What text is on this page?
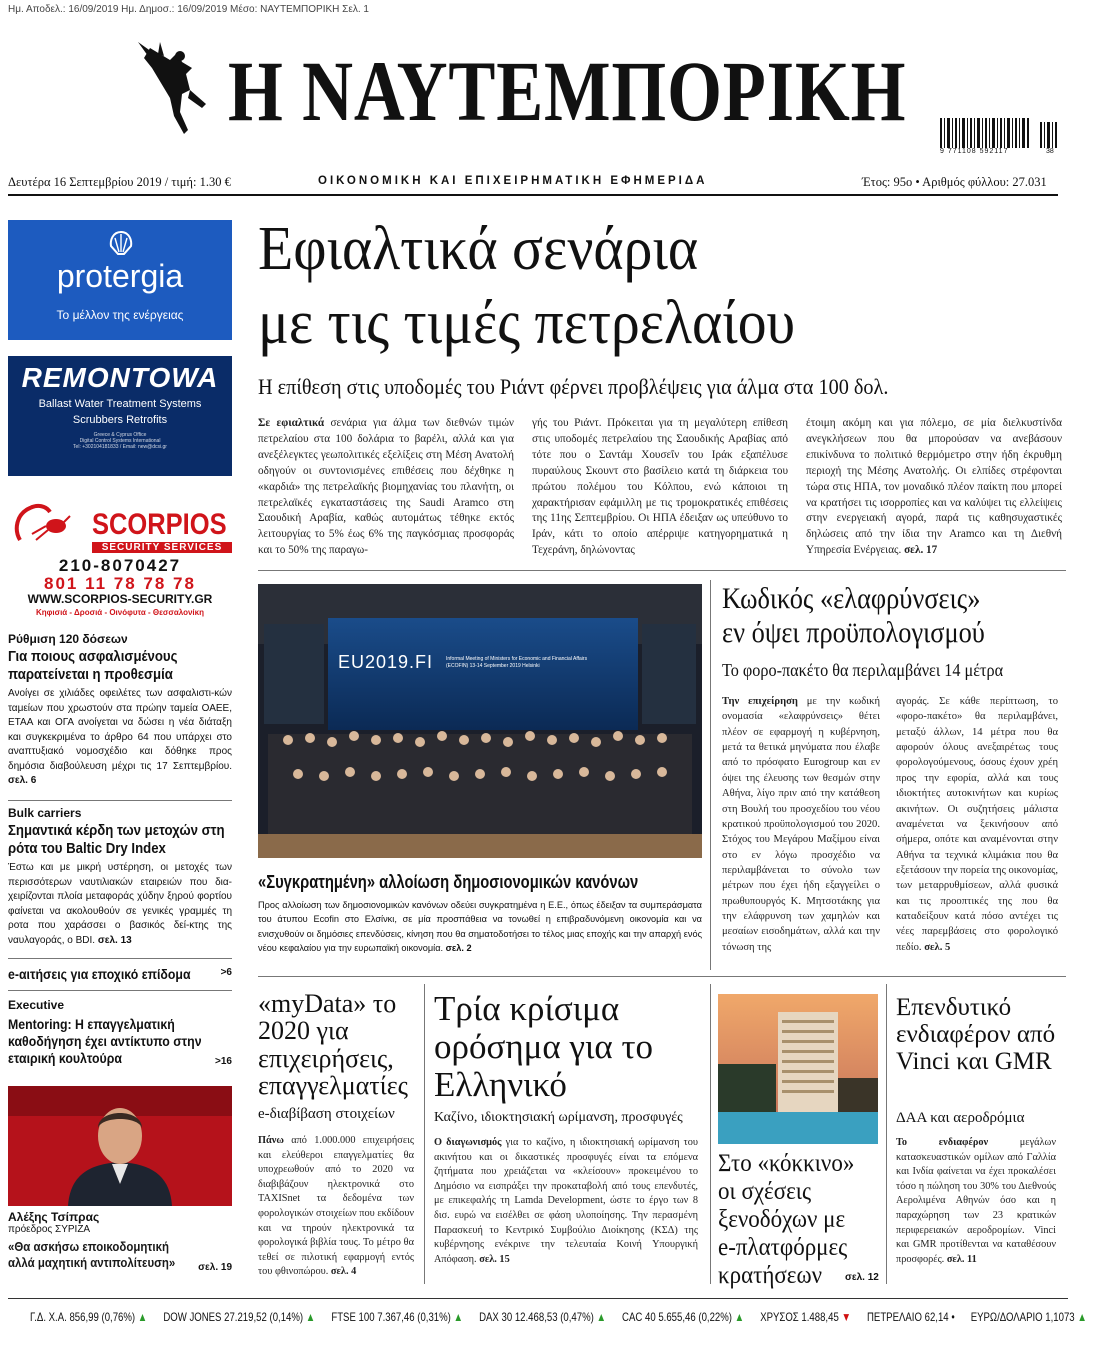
Ημ. Αποδελ.: 16/09/2019 Ημ. Δημοσ.: 16/09/2019 Μέσο: ΝΑΥΤΕΜΠΟΡΙΚΗ Σελ. 1
Η ΝΑΥΤΕΜΠΟΡΙΚΗ
9 771108 592117	38
Δευτέρα 16 Σεπτεμβρίου 2019 / τιμή: 1.30 €	ΟΙΚΟΝΟΜΙΚΗ ΚΑΙ ΕΠΙΧΕΙΡΗΜΑΤΙΚΗ ΕΦΗΜΕΡΙΔΑ	Έτος: 95ο • Αριθμός φύλλου: 27.031
protergia
Το μέλλον της ενέργειας
REMONTOWA
Ballast Water Treatment Systems
Scrubbers Retrofits
Greece & Cyprus Office
Digital Control Systems International
Tel: +302104181833 / Email: new@dcsi.gr
SCORPIOS
SECURITY SERVICES
210-8070427
801 11 78 78 78
WWW.SCORPIOS-SECURITY.GR
Κηφισιά - Δροσιά - Οινόφυτα - Θεσσαλονίκη
Ρύθμιση 120 δόσεων
Για ποιους ασφαλισμένους παρατείνεται η προθεσμία
Ανοίγει σε χιλιάδες οφειλέτες των ασφαλιστι-κών ταμείων που χρωστούν στα πρώην ταμεία ΟΑΕΕ, ΕΤΑΑ και ΟΓΑ ανοίγεται να δώσει η νέα διάταξη και συγκεκριμένα το άρθρο 64 που υπάρχει στο αναπτυξιακό νομοσχέδιο και δόθηκε προς δημόσια διαβούλευση μέχρι τις 17 Σεπτεμβρίου. σελ. 6
Bulk carriers
Σημαντικά κέρδη των μετοχών στη ρότα του Baltic Dry Index
Έστω και με μικρή υστέρηση, οι μετοχές των περισσότερων ναυτιλιακών εταιρειών που δια-χειρίζονται πλοία μεταφοράς χύδην ξηρού φορτίου φαίνεται να ακολουθούν σε γενικές γραμμές τη ροτα που χαράσσει ο βασικός δεί-κτης της ναυλαγοράς, ο BDI. σελ. 13
e-αιτήσεις για εποχικό επίδομα	>6
Executive
Mentoring: Η επαγγελματική καθοδήγηση έχει αντίκτυπο στην εταιρική κουλτούρα	>16
Αλέξης Τσίπρας
πρόεδρος ΣΥΡΙΖΑ
«Θα ασκήσω εποικοδομητική αλλά μαχητική αντιπολίτευση»	σελ. 19
Εφιαλτικά σενάρια
με τις τιμές πετρελαίου
Η επίθεση στις υποδομές του Ριάντ φέρνει προβλέψεις για άλμα στα 100 δολ.
Σε εφιαλτικά σενάρια για άλμα των διεθνών τιμών πετρελαίου στα 100 δολάρια το βαρέλι, αλλά και για ανεξέλεγκτες γεωπολιτικές εξελίξεις στη Μέση Ανατολή οδηγούν οι συντονισμένες επιθέσεις που δέχθηκε η «καρδιά» της πετρελαϊκής βιομηχανίας του πλανήτη, οι πετρελαϊκές εγκαταστάσεις της Saudi Aramco στη Σαουδική Αραβία, καθώς αυτομάτως τέθηκε εκτός λειτουργίας το 5% έως 6% της παγκόσμιας προσφοράς και το 50% της παραγω-
γής του Ριάντ. Πρόκειται για τη μεγαλύτερη επίθεση στις υποδομές πετρελαίου της Σαουδικής Αραβίας από τότε που ο Σαντάμ Χουσεΐν του Ιράκ εξαπέλυσε πυραύλους Σκουντ στο βασίλειο κατά τη διάρκεια του πρώτου πολέμου του Κόλπου, ενώ κάποιοι τη χαρακτήρισαν εφάμιλλη με τις τρομοκρατικές επιθέσεις της 11ης Σεπτεμβρίου. Οι ΗΠΑ έδειξαν ως υπεύθυνο το Ιράν, κάτι το οποίο απέρριψε κατηγορηματικά η Τεχεράνη, δηλώνοντας
έτοιμη ακόμη και για πόλεμο, σε μία διελκυστίνδα ανεγκλήσεων που θα μπορούσαν να ανεβάσουν επικίνδυνα το πολιτικό θερμόμετρο στην ήδη έκρυθμη περιοχή της Μέσης Ανατολής. Οι ελπίδες στρέφονται τώρα στις ΗΠΑ, τον μοναδικό πλέον παίκτη που μπορεί να κρατήσει τις ισορροπίες και να καλύψει τις ελλείψεις στην ενεργειακή αγορά, παρά τις καθησυχαστικές δηλώσεις από την ίδια την Aramco και τη Διεθνή Υπηρεσία Ενέργειας. σελ. 17
EU2019.FI	Informal Meeting of Ministers for Economic and Financial Affairs (ECOFIN) 13-14 September 2019 Helsinki
«Συγκρατημένη» αλλοίωση δημοσιονομικών κανόνων
Προς αλλοίωση των δημοσιονομικών κανόνων οδεύει συγκρατημένα η Ε.Ε., όπως έδειξαν τα συμπεράσματα του άτυπου Ecofin στο Ελσίνκι, σε μία προσπάθεια να τονωθεί η επιβραδυνόμενη οικονομία και να ενισχυθούν οι δημόσιες επενδύσεις, κίνηση που θα σηματοδοτήσει το τέλος μιας εποχής και την απαρχή ενός νέου κεφαλαίου για την ευρωπαϊκή οικονομία. σελ. 2
Κωδικός «ελαφρύνσεις»
εν όψει προϋπολογισμού
Το φορο-πακέτο θα περιλαμβάνει 14 μέτρα
Την επιχείρηση με την κωδική ονομασία «ελαφρύνσεις» θέτει πλέον σε εφαρμογή η κυβέρνηση, μετά τα θετικά μηνύματα που έλαβε από το πρόσφατο Eurogroup και εν όψει της έλευσης των θεσμών στην Αθήνα, λίγο πριν από την κατάθεση στη Βουλή του προσχεδίου του νέου κρατικού προϋπολογισμού του 2020. Στόχος του Μεγάρου Μαξίμου είναι στο εν λόγω προσχέδιο να περιλαμβάνεται το σύνολο των μέτρων που έχει ήδη εξαγγείλει ο πρωθυπουργός Κ. Μητσοτάκης για την ελάφρυνση των χαμηλών και μεσαίων εισοδημάτων, αλλά και την τόνωση της
αγοράς. Σε κάθε περίπτωση, το «φορο-πακέτο» θα περιλαμβάνει, μεταξύ άλλων, 14 μέτρα που θα αφορούν όλους ανεξαιρέτως τους φορολογούμενους, όσους έχουν χρέη προς την εφορία, αλλά και τους ιδιοκτήτες αυτοκινήτων και κυρίως ακινήτων. Οι συζητήσεις μάλιστα αναμένεται να ξεκινήσουν από σήμερα, οπότε και αναμένονται στην Αθήνα τα τεχνικά κλιμάκια που θα εξετάσουν την πορεία της οικονομίας, των μεταρρυθμίσεων, αλλά φυσικά και τις προοπτικές της που θα καταδείξουν κατά πόσο αντέχει τις νέες παρεμβάσεις στο φορολογικό πεδίο. σελ. 5
«myData» το 2020 για επιχειρήσεις, επαγγελματίες
e-διαβίβαση στοιχείων
Πάνω από 1.000.000 επιχειρήσεις και ελεύθεροι επαγγελματίες θα υποχρεωθούν από το 2020 να διαβιβάζουν ηλεκτρονικά στο TAXISnet τα δεδομένα των φορολογικών στοιχείων που εκδίδουν και να τηρούν ηλεκτρονικά τα φορολογικά βιβλία τους. Το μέτρο θα τεθεί σε πιλοτική εφαρμογή εντός του φθινοπώρου. σελ. 4
Τρία κρίσιμα ορόσημα για το Ελληνικό
Καζίνο, ιδιοκτησιακή ωρίμανση, προσφυγές
Ο διαγωνισμός για το καζίνο, η ιδιοκτησιακή ωρίμανση του ακινήτου και οι δικαστικές προσφυγές είναι τα επόμενα ζητήματα που χρειάζεται να «κλείσουν» προκειμένου το Δημόσιο να εισπράξει την προκαταβολή από τους επενδυτές, με επικεφαλής τη Lamda Development, ώστε το έργο των 8 δισ. ευρώ να εισέλθει σε φάση υλοποίησης. Την περασμένη Παρασκευή το Κεντρικό Συμβούλιο Διοίκησης (ΚΣΔ) της κυβέρνησης ενέκρινε την τελευταία Κοινή Υπουργική Απόφαση. σελ. 15
Στο «κόκκινο» οι σχέσεις ξενοδόχων με e-πλατφόρμες κρατήσεων	σελ. 12
Επενδυτικό ενδιαφέρον από Vinci και GMR
ΔΑΑ και αεροδρόμια
Το ενδιαφέρον μεγάλων κατασκευαστικών ομίλων από Γαλλία και Ινδία φαίνεται να έχει προκαλέσει τόσο η πώληση του 30% του Διεθνούς Αερολιμένα Αθηνών όσο και η παραχώρηση των 23 κρατικών περιφερειακών αεροδρομίων. Vinci και GMR προτίθενται να καταθέσουν προσφορές. σελ. 11
Γ.Δ. Χ.Α. 856,99 (0,76%) ▲ DOW JONES 27.219,52 (0,14%) ▲ FTSE 100 7.367,46 (0,31%) ▲ DAX 30 12.468,53 (0,47%) ▲ CAC 40 5.655,46 (0,22%) ▲ ΧΡΥΣΟΣ 1.488,45 ▼ ΠΕΤΡΕΛΑΙΟ 62,14 • ΕΥΡΩ/ΔΟΛΑΡΙΟ 1,1073 ▲
